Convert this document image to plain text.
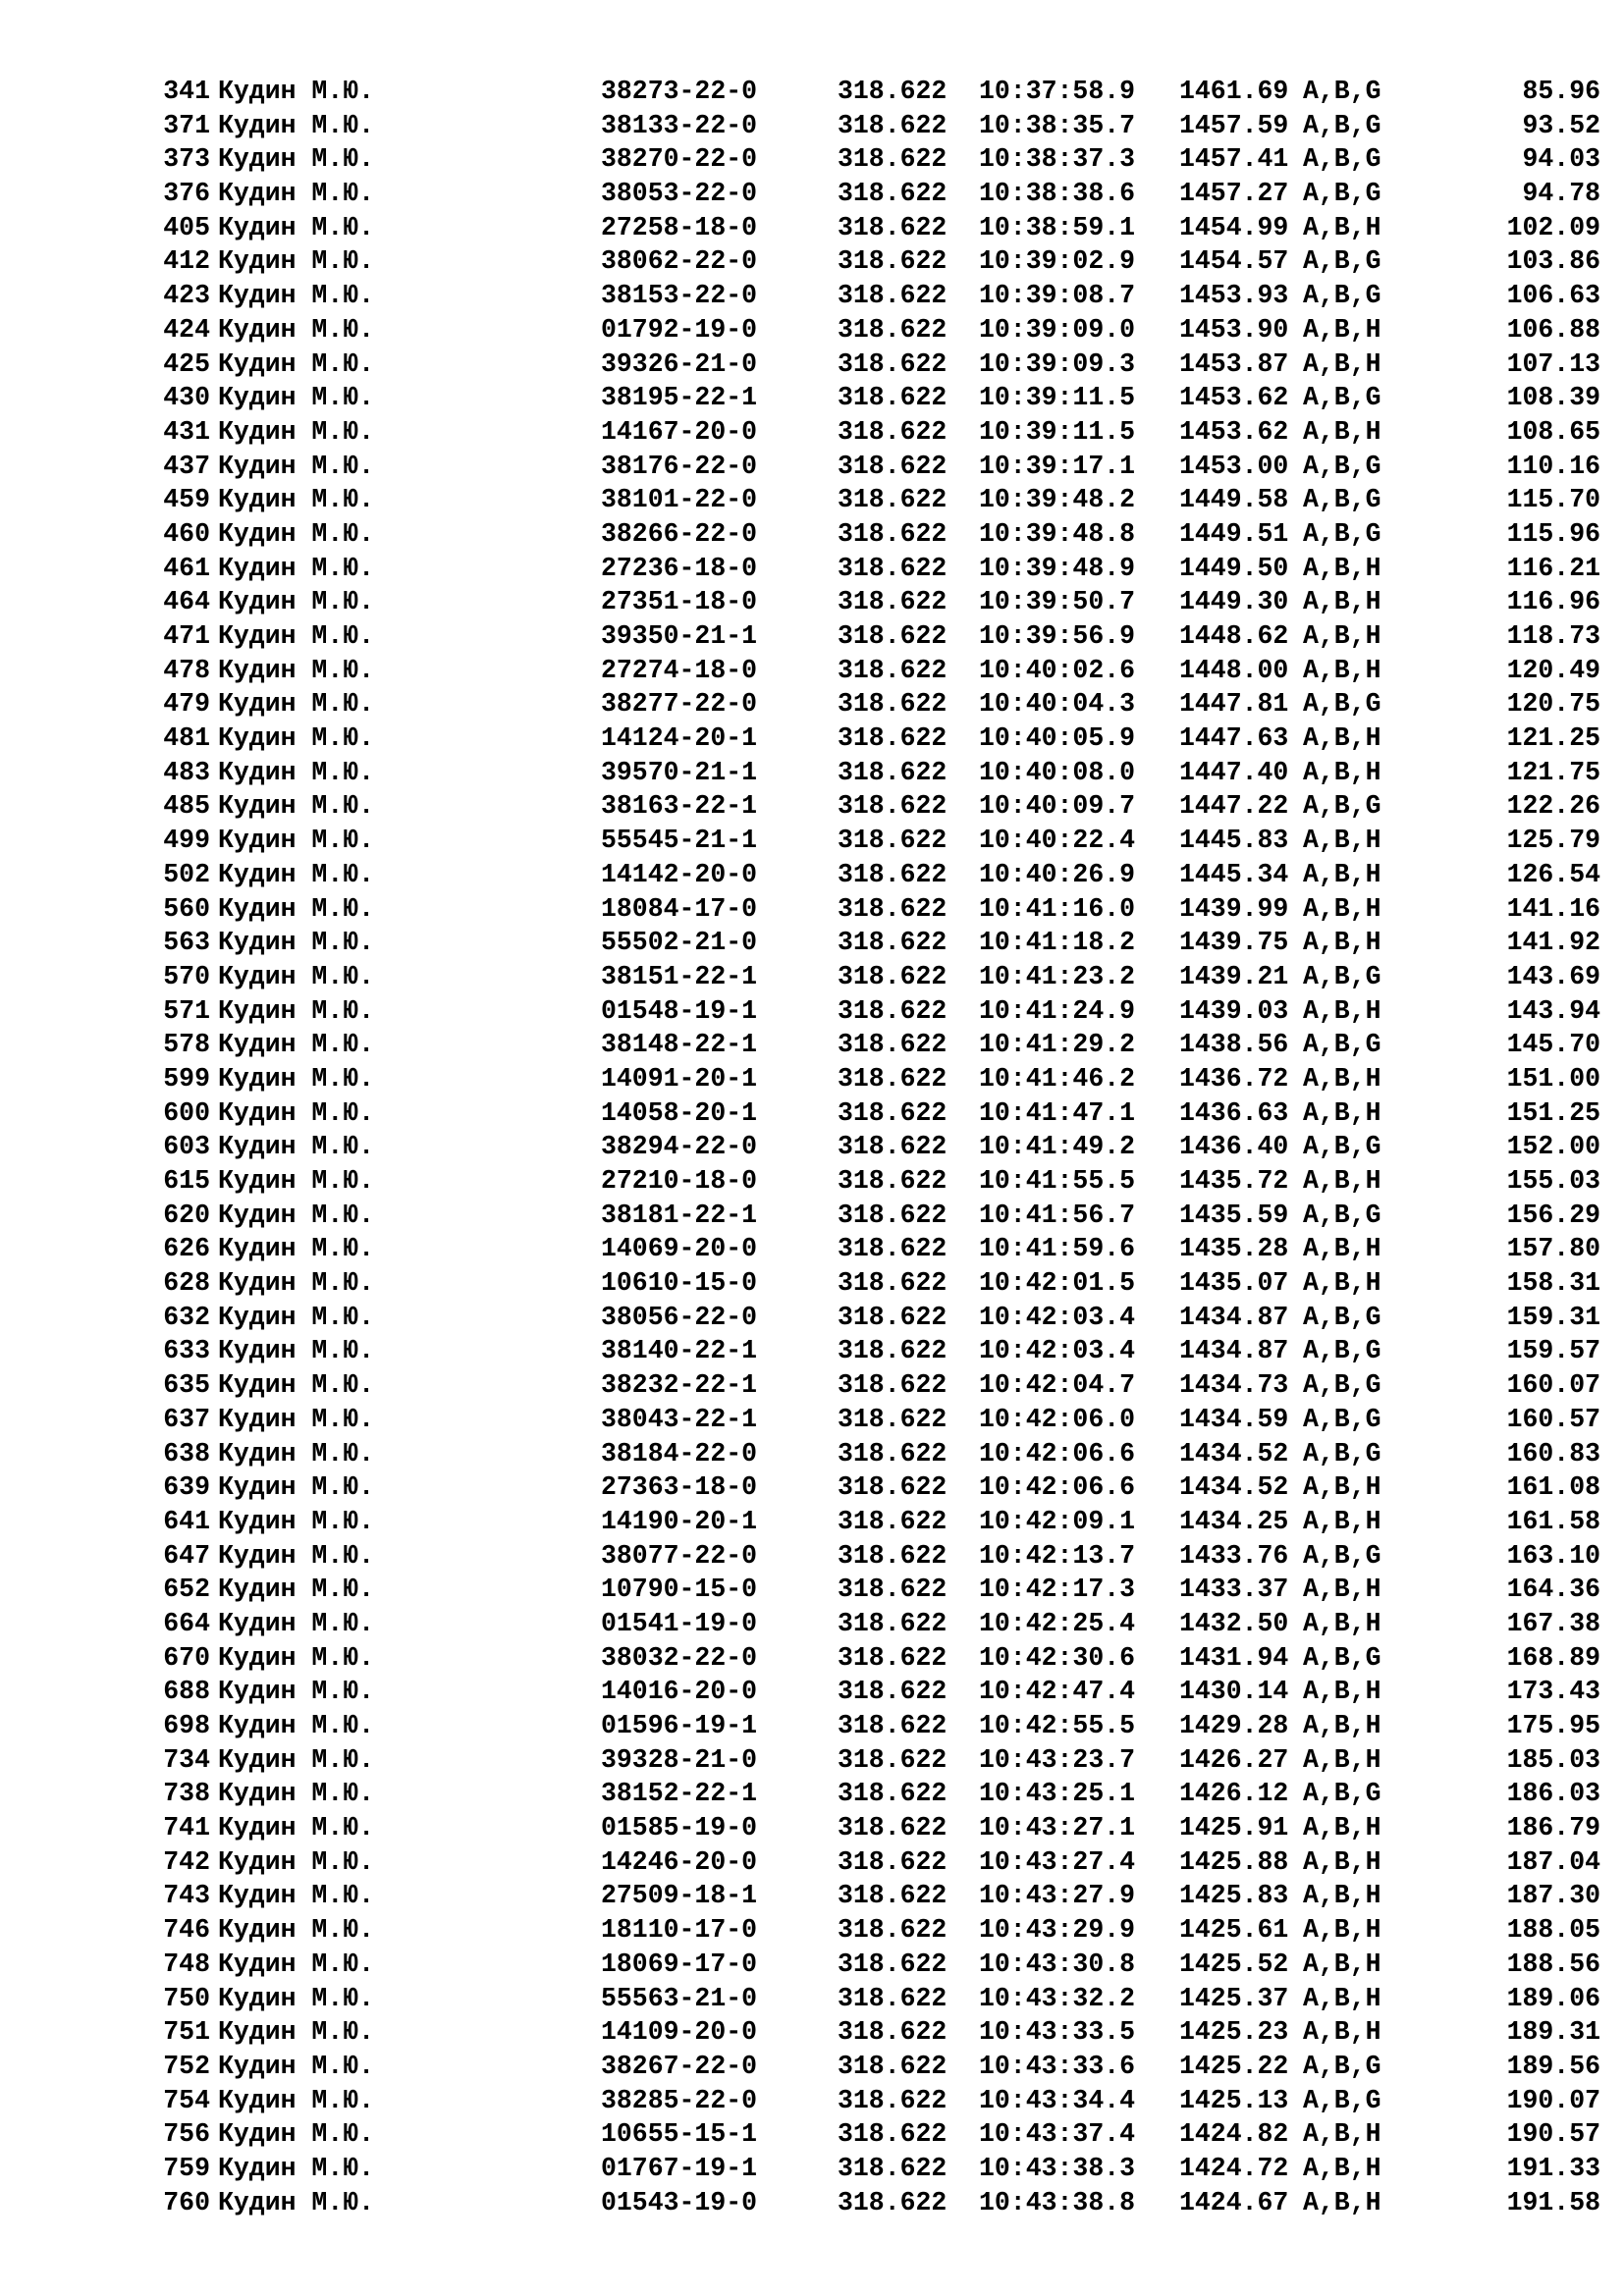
341 Кудин М.Ю.	38273-22-0	318.622 10:37:58.9 1461.69 A,B,G	85.96
371 Кудин М.Ю.	38133-22-0	318.622 10:38:35.7 1457.59 A,B,G	93.52
373 Кудин М.Ю.	38270-22-0	318.622 10:38:37.3 1457.41 A,B,G	94.03
376 Кудин М.Ю.	38053-22-0	318.622 10:38:38.6 1457.27 A,B,G	94.78
405 Кудин М.Ю.	27258-18-0	318.622 10:38:59.1 1454.99 A,B,H	102.09
412 Кудин М.Ю.	38062-22-0	318.622 10:39:02.9 1454.57 A,B,G	103.86
423 Кудин М.Ю.	38153-22-0	318.622 10:39:08.7 1453.93 A,B,G	106.63
424 Кудин М.Ю.	01792-19-0	318.622 10:39:09.0 1453.90 A,B,H	106.88
425 Кудин М.Ю.	39326-21-0	318.622 10:39:09.3 1453.87 A,B,H	107.13
430 Кудин М.Ю.	38195-22-1	318.622 10:39:11.5 1453.62 A,B,G	108.39
431 Кудин М.Ю.	14167-20-0	318.622 10:39:11.5 1453.62 A,B,H	108.65
437 Кудин М.Ю.	38176-22-0	318.622 10:39:17.1 1453.00 A,B,G	110.16
459 Кудин М.Ю.	38101-22-0	318.622 10:39:48.2 1449.58 A,B,G	115.70
460 Кудин М.Ю.	38266-22-0	318.622 10:39:48.8 1449.51 A,B,G	115.96
461 Кудин М.Ю.	27236-18-0	318.622 10:39:48.9 1449.50 A,B,H	116.21
464 Кудин М.Ю.	27351-18-0	318.622 10:39:50.7 1449.30 A,B,H	116.96
471 Кудин М.Ю.	39350-21-1	318.622 10:39:56.9 1448.62 A,B,H	118.73
478 Кудин М.Ю.	27274-18-0	318.622 10:40:02.6 1448.00 A,B,H	120.49
479 Кудин М.Ю.	38277-22-0	318.622 10:40:04.3 1447.81 A,B,G	120.75
481 Кудин М.Ю.	14124-20-1	318.622 10:40:05.9 1447.63 A,B,H	121.25
483 Кудин М.Ю.	39570-21-1	318.622 10:40:08.0 1447.40 A,B,H	121.75
485 Кудин М.Ю.	38163-22-1	318.622 10:40:09.7 1447.22 A,B,G	122.26
499 Кудин М.Ю.	55545-21-1	318.622 10:40:22.4 1445.83 A,B,H	125.79
502 Кудин М.Ю.	14142-20-0	318.622 10:40:26.9 1445.34 A,B,H	126.54
560 Кудин М.Ю.	18084-17-0	318.622 10:41:16.0 1439.99 A,B,H	141.16
563 Кудин М.Ю.	55502-21-0	318.622 10:41:18.2 1439.75 A,B,H	141.92
570 Кудин М.Ю.	38151-22-1	318.622 10:41:23.2 1439.21 A,B,G	143.69
571 Кудин М.Ю.	01548-19-1	318.622 10:41:24.9 1439.03 A,B,H	143.94
578 Кудин М.Ю.	38148-22-1	318.622 10:41:29.2 1438.56 A,B,G	145.70
599 Кудин М.Ю.	14091-20-1	318.622 10:41:46.2 1436.72 A,B,H	151.00
600 Кудин М.Ю.	14058-20-1	318.622 10:41:47.1 1436.63 A,B,H	151.25
603 Кудин М.Ю.	38294-22-0	318.622 10:41:49.2 1436.40 A,B,G	152.00
615 Кудин М.Ю.	27210-18-0	318.622 10:41:55.5 1435.72 A,B,H	155.03
620 Кудин М.Ю.	38181-22-1	318.622 10:41:56.7 1435.59 A,B,G	156.29
626 Кудин М.Ю.	14069-20-0	318.622 10:41:59.6 1435.28 A,B,H	157.80
628 Кудин М.Ю.	10610-15-0	318.622 10:42:01.5 1435.07 A,B,H	158.31
632 Кудин М.Ю.	38056-22-0	318.622 10:42:03.4 1434.87 A,B,G	159.31
633 Кудин М.Ю.	38140-22-1	318.622 10:42:03.4 1434.87 A,B,G	159.57
635 Кудин М.Ю.	38232-22-1	318.622 10:42:04.7 1434.73 A,B,G	160.07
637 Кудин М.Ю.	38043-22-1	318.622 10:42:06.0 1434.59 A,B,G	160.57
638 Кудин М.Ю.	38184-22-0	318.622 10:42:06.6 1434.52 A,B,G	160.83
639 Кудин М.Ю.	27363-18-0	318.622 10:42:06.6 1434.52 A,B,H	161.08
641 Кудин М.Ю.	14190-20-1	318.622 10:42:09.1 1434.25 A,B,H	161.58
647 Кудин М.Ю.	38077-22-0	318.622 10:42:13.7 1433.76 A,B,G	163.10
652 Кудин М.Ю.	10790-15-0	318.622 10:42:17.3 1433.37 A,B,H	164.36
664 Кудин М.Ю.	01541-19-0	318.622 10:42:25.4 1432.50 A,B,H	167.38
670 Кудин М.Ю.	38032-22-0	318.622 10:42:30.6 1431.94 A,B,G	168.89
688 Кудин М.Ю.	14016-20-0	318.622 10:42:47.4 1430.14 A,B,H	173.43
698 Кудин М.Ю.	01596-19-1	318.622 10:42:55.5 1429.28 A,B,H	175.95
734 Кудин М.Ю.	39328-21-0	318.622 10:43:23.7 1426.27 A,B,H	185.03
738 Кудин М.Ю.	38152-22-1	318.622 10:43:25.1 1426.12 A,B,G	186.03
741 Кудин М.Ю.	01585-19-0	318.622 10:43:27.1 1425.91 A,B,H	186.79
742 Кудин М.Ю.	14246-20-0	318.622 10:43:27.4 1425.88 A,B,H	187.04
743 Кудин М.Ю.	27509-18-1	318.622 10:43:27.9 1425.83 A,B,H	187.30
746 Кудин М.Ю.	18110-17-0	318.622 10:43:29.9 1425.61 A,B,H	188.05
748 Кудин М.Ю.	18069-17-0	318.622 10:43:30.8 1425.52 A,B,H	188.56
750 Кудин М.Ю.	55563-21-0	318.622 10:43:32.2 1425.37 A,B,H	189.06
751 Кудин М.Ю.	14109-20-0	318.622 10:43:33.5 1425.23 A,B,H	189.31
752 Кудин М.Ю.	38267-22-0	318.622 10:43:33.6 1425.22 A,B,G	189.56
754 Кудин М.Ю.	38285-22-0	318.622 10:43:34.4 1425.13 A,B,G	190.07
756 Кудин М.Ю.	10655-15-1	318.622 10:43:37.4 1424.82 A,B,H	190.57
759 Кудин М.Ю.	01767-19-1	318.622 10:43:38.3 1424.72 A,B,H	191.33
760 Кудин М.Ю.	01543-19-0	318.622 10:43:38.8 1424.67 A,B,H	191.58
